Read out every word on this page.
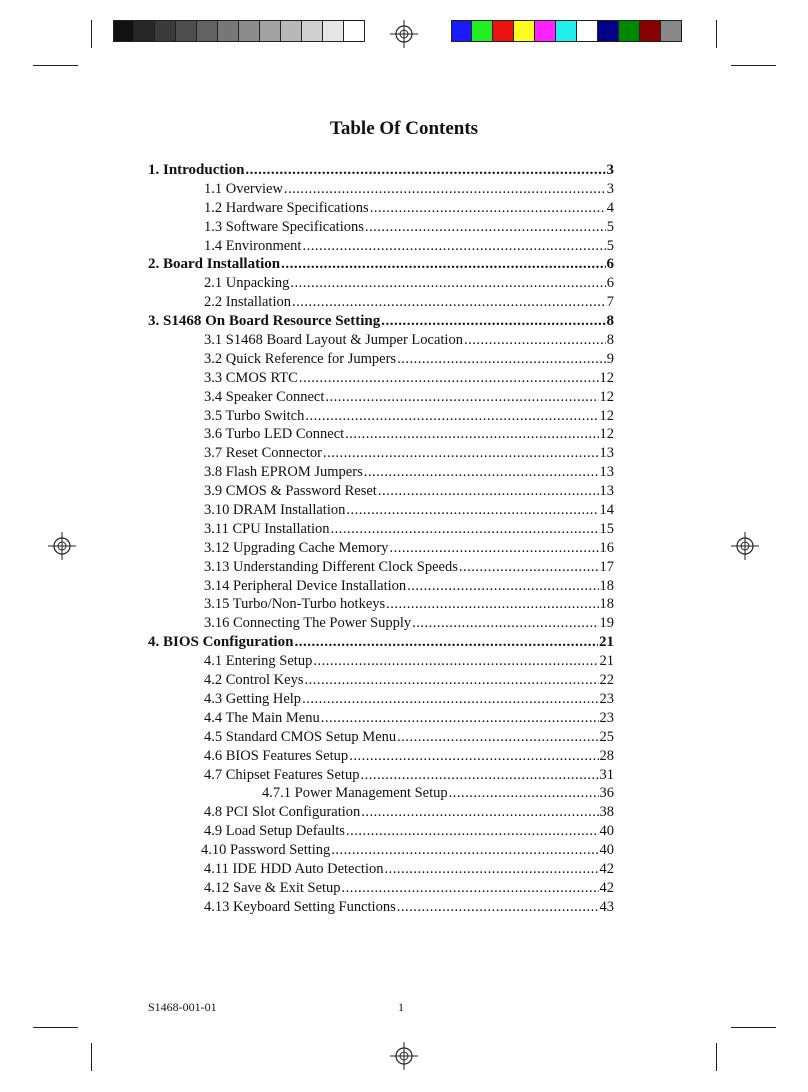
Table Of Contents
1. Introduction .....	3
1.1 Overview .....	3
1.2 Hardware Specifications .....	4
1.3 Software Specifications .....	5
1.4 Environment .....	5
2. Board Installation .....	6
2.1 Unpacking .....	6
2.2 Installation .....	7
3. S1468 On Board Resource Setting .....	8
3.1 S1468 Board Layout & Jumper Location .....	8
3.2 Quick Reference for Jumpers .....	9
3.3 CMOS RTC .....	12
3.4 Speaker Connect .....	12
3.5 Turbo Switch .....	12
3.6 Turbo LED Connect .....	12
3.7 Reset Connector .....	13
3.8 Flash EPROM Jumpers .....	13
3.9 CMOS & Password Reset .....	13
3.10 DRAM Installation .....	14
3.11 CPU Installation .....	15
3.12 Upgrading Cache Memory .....	16
3.13 Understanding Different Clock Speeds .....	17
3.14 Peripheral Device Installation .....	18
3.15 Turbo/Non-Turbo hotkeys .....	18
3.16 Connecting The Power Supply .....	19
4. BIOS Configuration .....	21
4.1 Entering Setup .....	21
4.2 Control Keys .....	22
4.3 Getting Help .....	23
4.4 The Main Menu .....	23
4.5 Standard CMOS Setup Menu .....	25
4.6 BIOS Features Setup .....	28
4.7 Chipset Features Setup .....	31
4.7.1 Power Management Setup .....	36
4.8 PCI Slot Configuration .....	38
4.9 Load Setup Defaults .....	40
4.10 Password Setting .....	40
4.11 IDE HDD Auto Detection .....	42
4.12 Save & Exit Setup .....	42
4.13 Keyboard Setting Functions .....	43
S1468-001-01	1
